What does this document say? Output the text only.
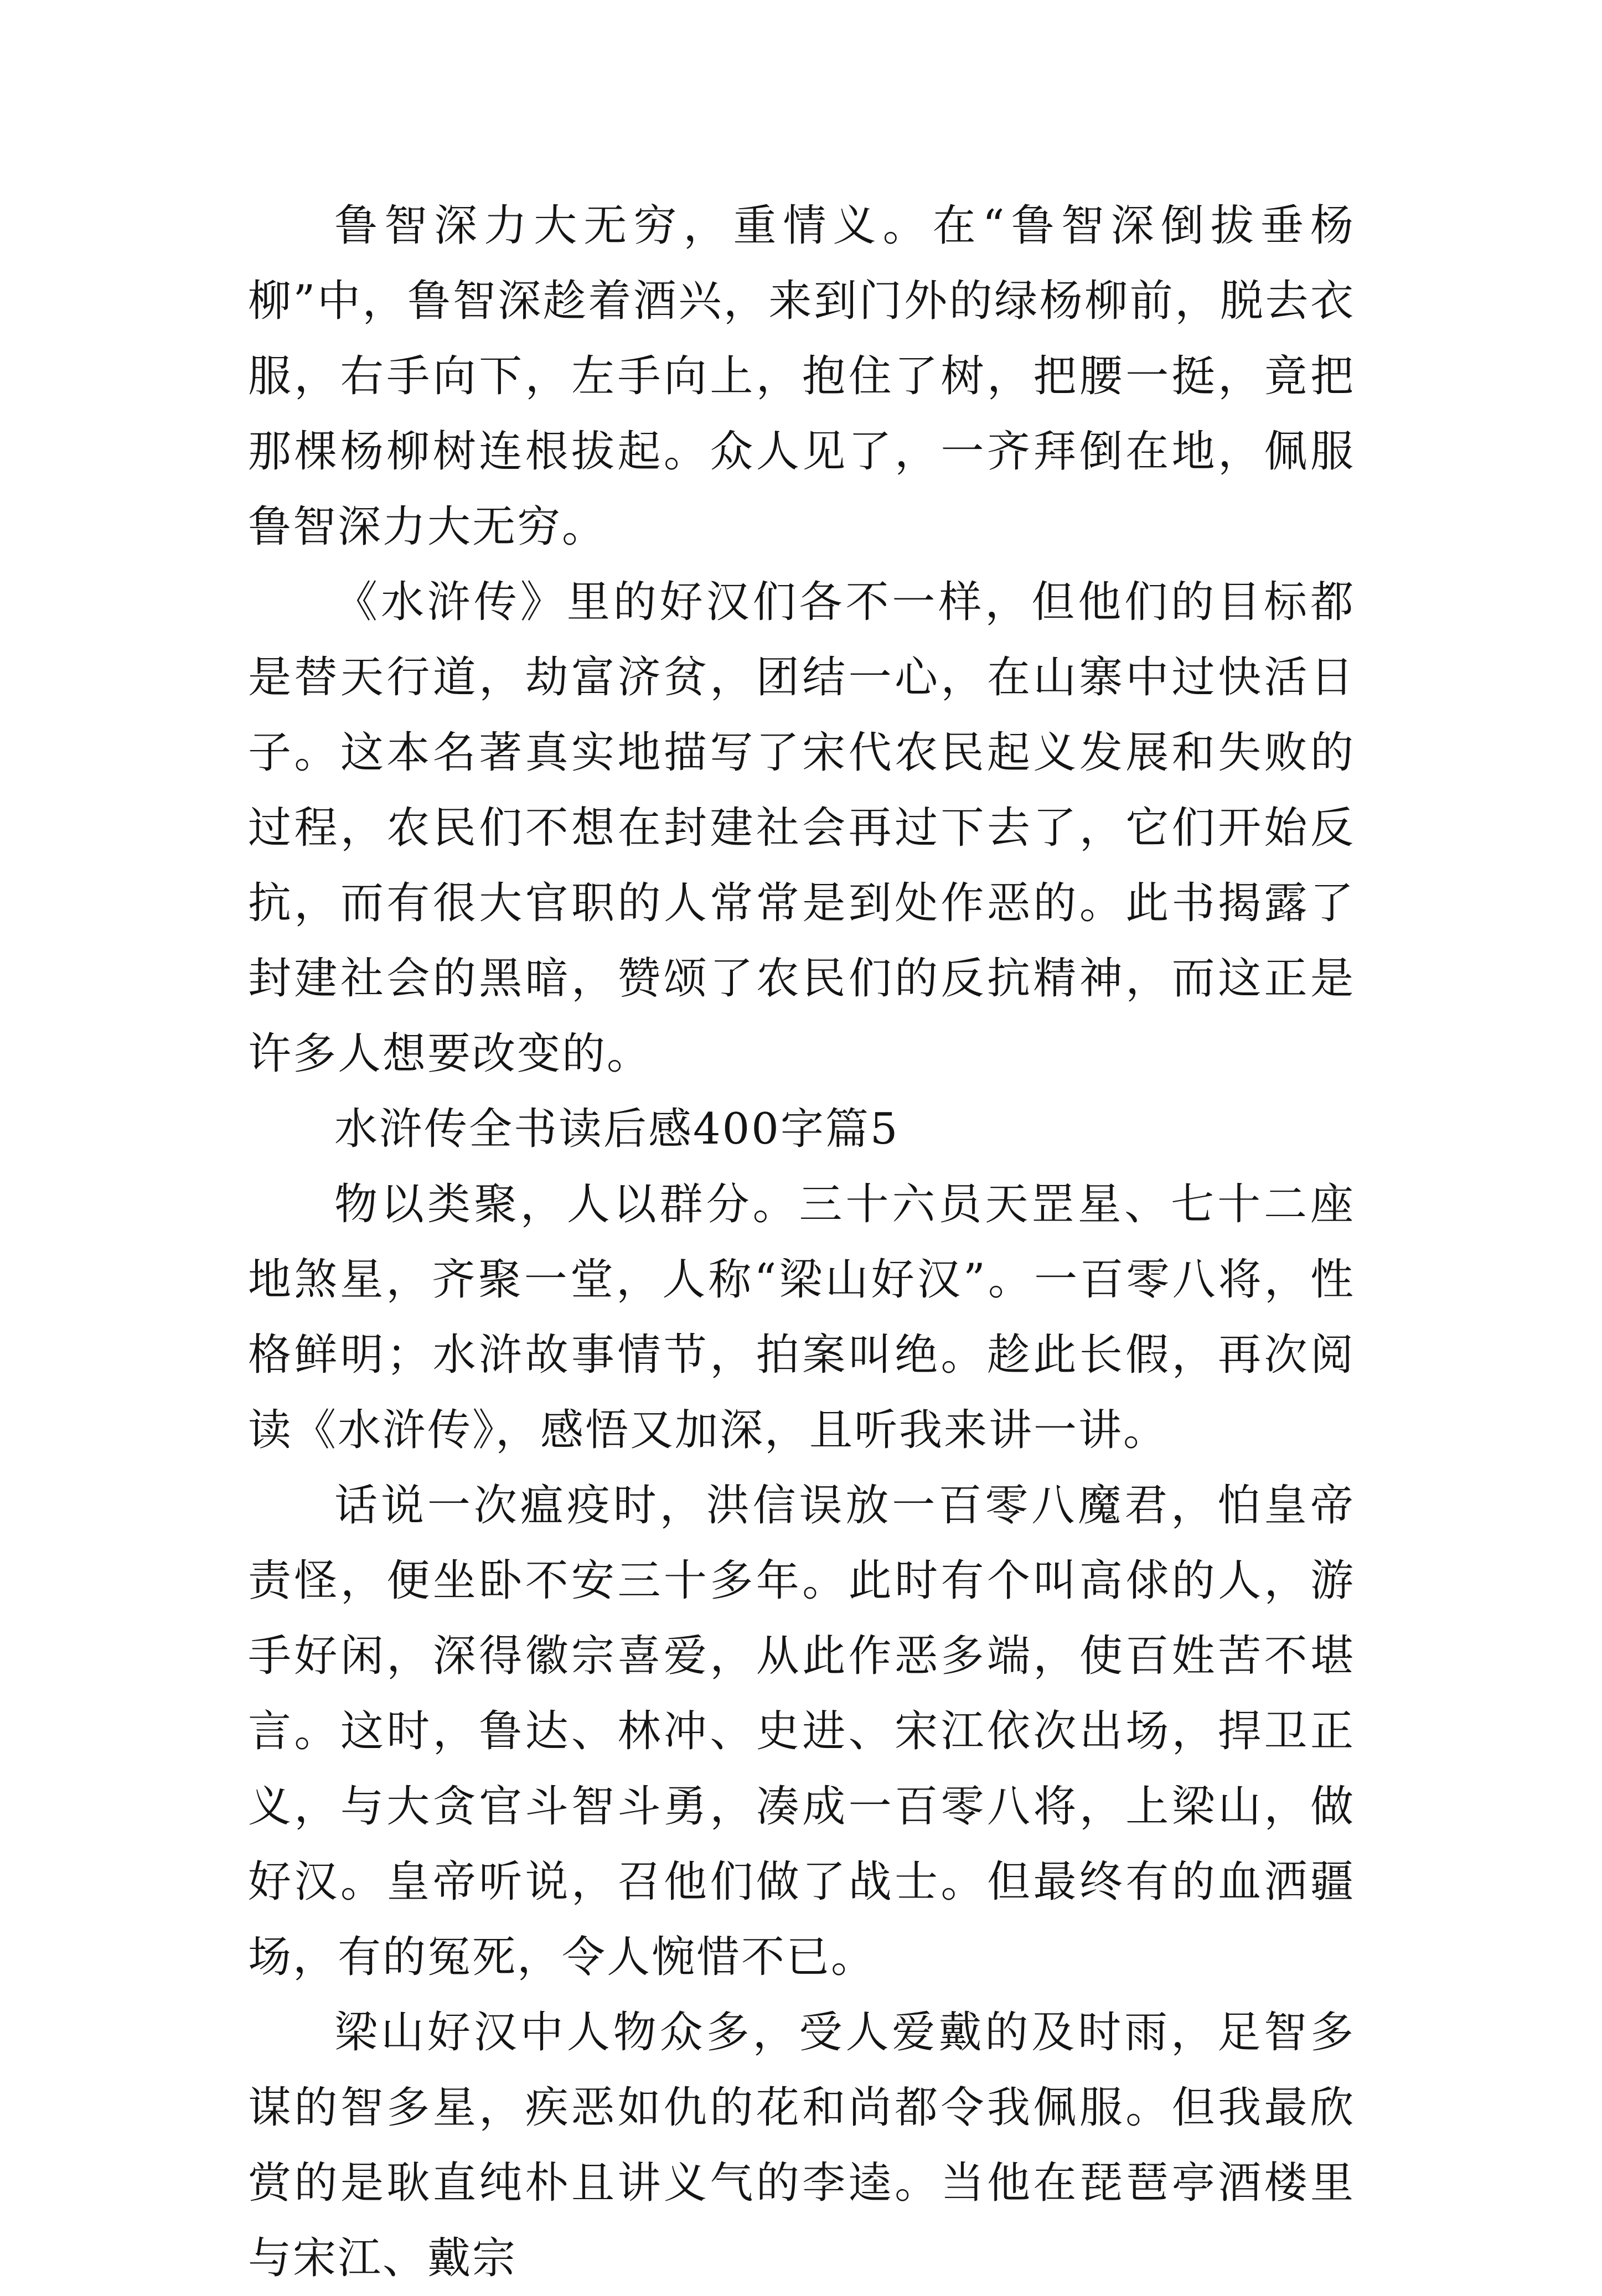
鲁智深力大无穷，重情义。在“鲁智深倒拔垂杨柳”中，鲁智深趁着酒兴，来到门外的绿杨柳前，脱去衣服，右手向下，左手向上，抱住了树，把腰一挺，竟把那棵杨柳树连根拔起。众人见了，一齐拜倒在地，佩服鲁智深力大无穷。

《水浒传》里的好汉们各不一样，但他们的目标都是替天行道，劫富济贫，团结一心，在山寨中过快活日子。这本名著真实地描写了宋代农民起义发展和失败的过程，农民们不想在封建社会再过下去了，它们开始反抗，而有很大官职的人常常是到处作恶的。此书揭露了封建社会的黑暗，赞颂了农民们的反抗精神，而这正是许多人想要改变的。

水浒传全书读后感400字篇5

物以类聚，人以群分。三十六员天罡星、七十二座地煞星，齐聚一堂，人称“梁山好汉”。一百零八将，性格鲜明；水浒故事情节，拍案叫绝。趁此长假，再次阅读《水浒传》，感悟又加深，且听我来讲一讲。

话说一次瘟疫时，洪信误放一百零八魔君，怕皇帝责怪，便坐卧不安三十多年。此时有个叫高俅的人，游手好闲，深得徽宗喜爱，从此作恶多端，使百姓苦不堪言。这时，鲁达、林冲、史进、宋江依次出场，捍卫正义，与大贪官斗智斗勇，凑成一百零八将，上梁山，做好汉。皇帝听说，召他们做了战士。但最终有的血洒疆场，有的冤死，令人惋惜不已。

梁山好汉中人物众多，受人爱戴的及时雨，足智多谋的智多星，疾恶如仇的花和尚都令我佩服。但我最欣赏的是耿直纯朴且讲义气的李逵。当他在琵琶亭酒楼里与宋江、戴宗
